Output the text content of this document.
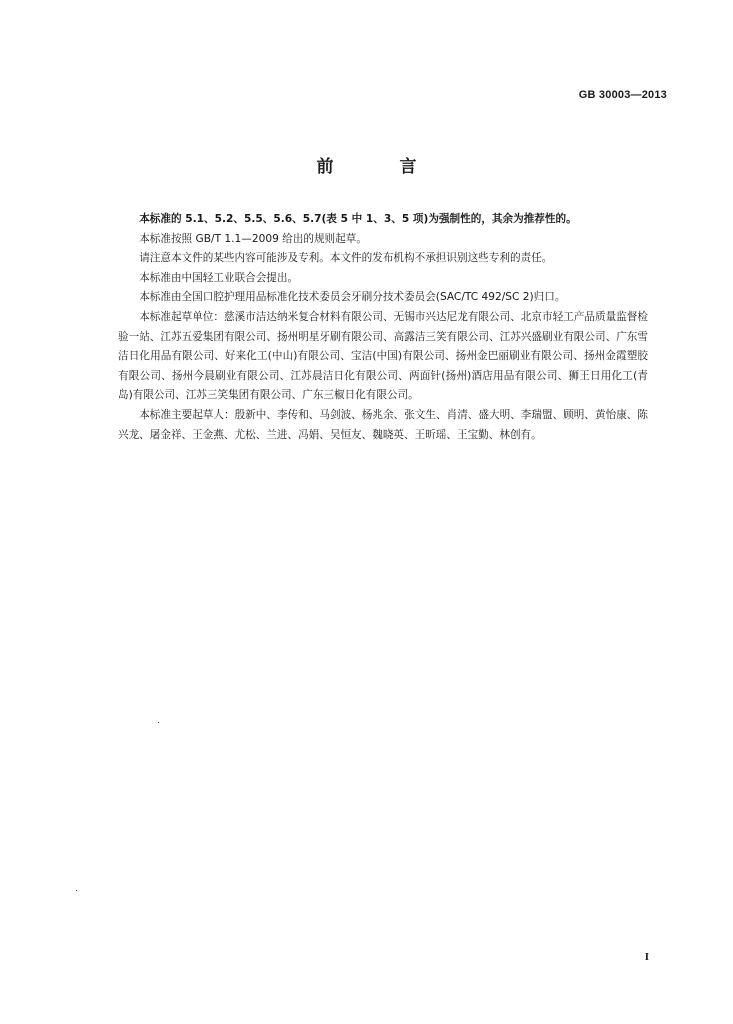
GB 30003—2013
前 言

本标准的 5.1、5.2、5.5、5.6、5.7(表 5 中 1、3、5 项)为强制性的，其余为推荐性的。

本标准按照 GB/T 1.1—2009 给出的规则起草。

请注意本文件的某些内容可能涉及专利。本文件的发布机构不承担识别这些专利的责任。

本标准由中国轻工业联合会提出。

本标准由全国口腔护理用品标准化技术委员会牙刷分技术委员会(SAC/TC 492/SC 2)归口。

本标准起草单位：慈溪市洁达纳米复合材料有限公司、无锡市兴达尼龙有限公司、北京市轻工产品质量监督检验一站、江苏五爱集团有限公司、扬州明星牙刷有限公司、高露洁三笑有限公司、江苏兴盛刷业有限公司、广东雪洁日化用品有限公司、好来化工(中山)有限公司、宝洁(中国)有限公司、扬州金巴丽刷业有限公司、扬州金霞塑胶有限公司、扬州今晨刷业有限公司、江苏晨洁日化有限公司、两面针(扬州)酒店用品有限公司、狮王日用化工(青岛)有限公司、江苏三笑集团有限公司、广东三椒日化有限公司。

本标准主要起草人：殷新中、李传和、马剑波、杨兆余、张文生、肖清、盛大明、李瑞盟、顾明、黄怡康、陈兴龙、屠金祥、王金燕、尤松、兰进、冯娟、吴恒友、魏晓英、王昕瑶、王宝勤、林创有。

I
